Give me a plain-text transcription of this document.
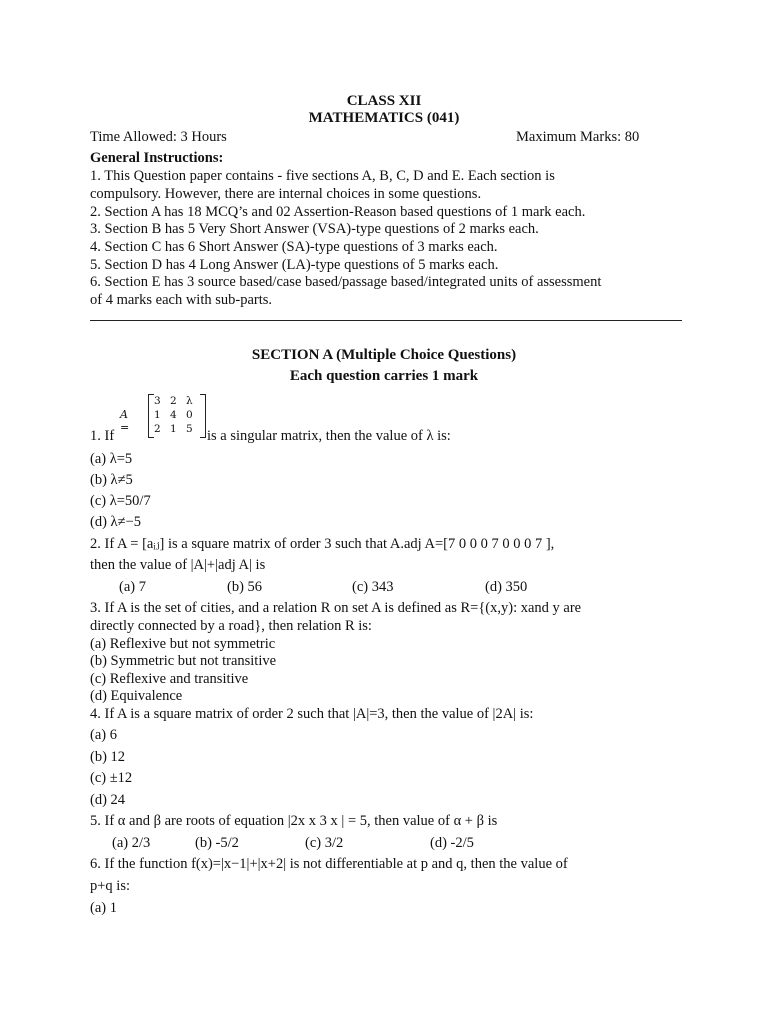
CLASS XII
MATHEMATICS (041)
Time Allowed: 3 Hours	Maximum Marks: 80
General Instructions:
1. This Question paper contains - five sections A, B, C, D and E. Each section is
compulsory. However, there are internal choices in some questions.
2. Section A has 18 MCQ’s and 02 Assertion-Reason based questions of 1 mark each.
3. Section B has 5 Very Short Answer (VSA)-type questions of 2 marks each.
4. Section C has 6 Short Answer (SA)-type questions of 3 marks each.
5. Section D has 4 Long Answer (LA)-type questions of 5 marks each.
6. Section E has 3 source based/case based/passage based/integrated units of assessment
of 4 marks each with sub-parts.
SECTION A (Multiple Choice Questions)
Each question carries 1 mark
A =
3 2 λ
1 4 0
2 1 5
1. If	is a singular matrix, then the value of λ is:
(a) λ=5
(b) λ≠5
(c) λ=50/7
(d) λ≠−5
2. If A = [aᵢⱼ] is a square matrix of order 3 such that A.adj A=[7 0 0 0 7 0 0 0 7 ],
then the value of |A|+|adj A| is
(a) 7	(b) 56	(c) 343	(d) 350
3. If A is the set of cities, and a relation R on set A is defined as R={(x,y): xand y are
directly connected by a road}, then relation R is:
(a) Reflexive but not symmetric
(b) Symmetric but not transitive
(c) Reflexive and transitive
(d) Equivalence
4. If A is a square matrix of order 2 such that |A|=3, then the value of |2A| is:
(a) 6
(b) 12
(c) ±12
(d) 24
5. If α and β are roots of equation |2x x 3 x | = 5, then value of α + β is
(a) 2/3	(b) -5/2	(c) 3/2	(d) -2/5
6. If the function f(x)=|x−1|+|x+2| is not differentiable at p and q, then the value of
p+q is:
(a) 1
